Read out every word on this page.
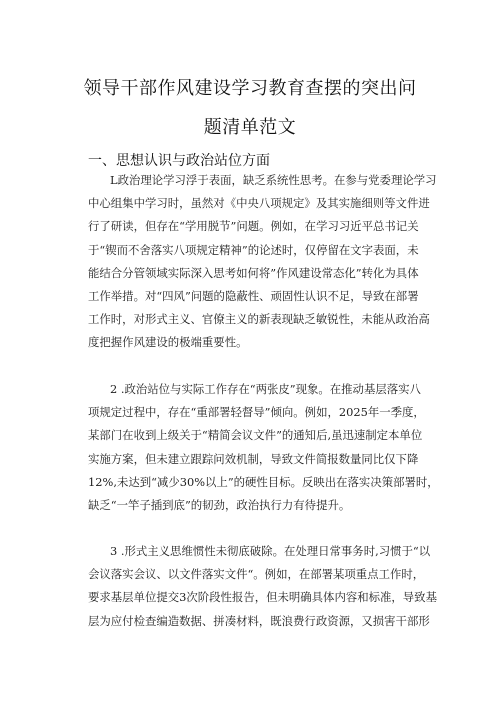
领导干部作风建设学习教育查摆的突出问
题清单范文
一、思想认识与政治站位方面

L政治理论学习浮于表面，缺乏系统性思考。在参与党委理论学习
中心组集中学习时，虽然对《中央八项规定》及其实施细则等文件进
行了研读，但存在“学用脱节”问题。例如，在学习习近平总书记关
于“锲而不舍落实八项规定精神”的论述时，仅停留在文字表面，未
能结合分管领域实际深入思考如何将”作风建设常态化”转化为具体
工作举措。对“四风”问题的隐蔽性、顽固性认识不足，导致在部署
工作时，对形式主义、官僚主义的新表现缺乏敏锐性，未能从政治高
度把握作风建设的极端重要性。

2 .政治站位与实际工作存在“两张皮”现象。在推动基层落实八
项规定过程中，存在“重部署轻督导”倾向。例如，2025年一季度，
某部门在收到上级关于“精简会议文件”的通知后,虽迅速制定本单位
实施方案，但未建立跟踪问效机制，导致文件简报数量同比仅下降
12%,未达到“减少30%以上”的硬性目标。反映出在落实决策部署时，
缺乏“一竿子插到底”的韧劲，政治执行力有待提升。

3 .形式主义思维惯性未彻底破除。在处理日常事务时,习惯于“以
会议落实会议、以文件落实文件“。例如，在部署某项重点工作时，
要求基层单位提交3次阶段性报告，但未明确具体内容和标准，导致基
层为应付检查编造数据、拼凑材料，既浪费行政资源，又损害干部形
